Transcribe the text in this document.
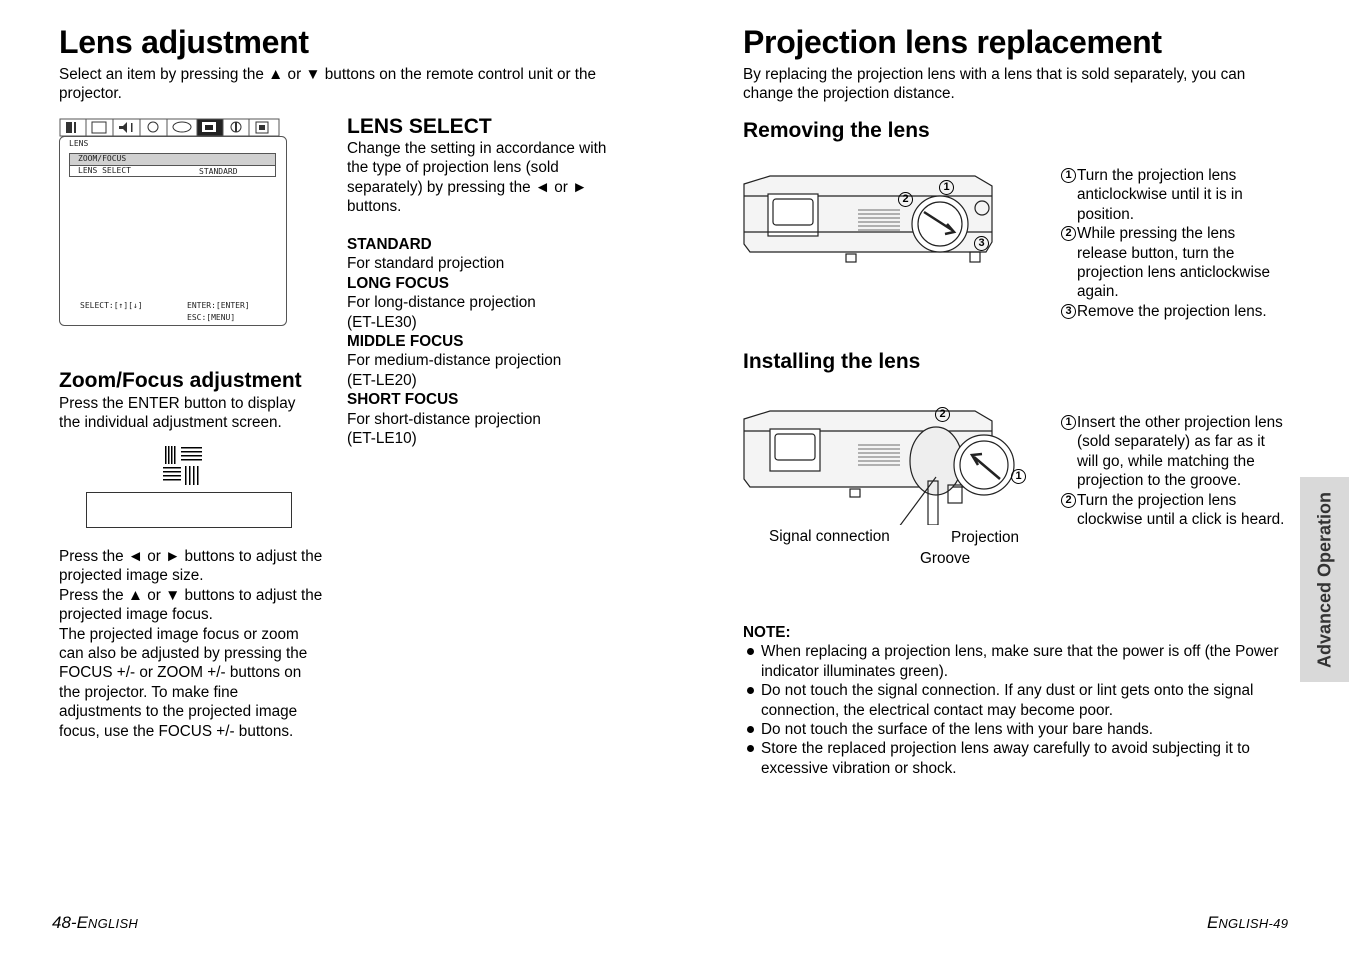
Lens adjustment
Select an item by pressing the ▲ or ▼ buttons on the remote control unit or the projector.
LENS
ZOOM/FOCUS
LENS SELECT	STANDARD
SELECT:[↑][↓]	ENTER:[ENTER]
ESC:[MENU]
Zoom/Focus adjustment
Press the ENTER button to display the individual adjustment screen.
Press the ◄ or ► buttons to adjust the projected image size.
Press the ▲ or ▼ buttons to adjust the projected image focus.
The projected image focus or zoom can also be adjusted by pressing the FOCUS +/- or ZOOM +/- buttons on the projector. To make fine adjustments to the projected image focus, use the FOCUS +/- buttons.
LENS SELECT
Change the setting in accordance with the type of projection lens (sold separately) by pressing the ◄ or ► buttons.
STANDARD
For standard projection
LONG FOCUS
For long-distance projection (ET-LE30)
MIDDLE FOCUS
For medium-distance projection (ET-LE20)
SHORT FOCUS
For short-distance projection (ET-LE10)
48-ENGLISH
Projection lens replacement
By replacing the projection lens with a lens that is sold separately, you can change the projection distance.
Removing the lens
1
2
3
1 Turn the projection lens anticlockwise until it is in position.
2 While pressing the lens release button, turn the projection lens anticlockwise again.
3 Remove the projection lens.
Installing the lens
2
1
Signal connection	Projection
Groove
1 Insert the other projection lens (sold separately) as far as it will go, while matching the projection to the groove.
2 Turn the projection lens clockwise until a click is heard.
NOTE:
When replacing a projection lens, make sure that the power is off (the Power indicator illuminates green).
Do not touch the signal connection. If any dust or lint gets onto the signal connection, the electrical contact may become poor.
Do not touch the surface of the lens with your bare hands.
Store the replaced projection lens away carefully to avoid subjecting it to excessive vibration or shock.
Advanced Operation
ENGLISH-49
